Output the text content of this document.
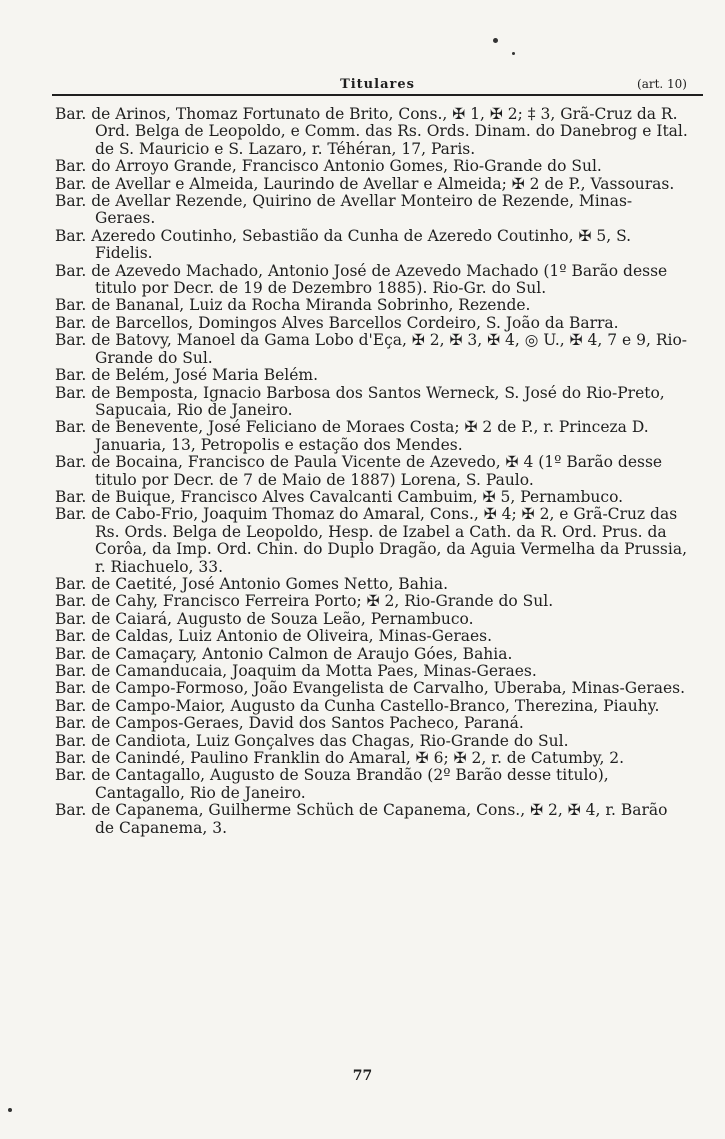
Titulares	(art. 10)

Bar. de Arinos, Thomaz Fortunato de Brito, Cons., ✠ 1, ✠ 2; ‡ 3, Grã-Cruz da R. Ord. Belga de Leopoldo, e Comm. das Rs. Ords. Dinam. do Danebrog e Ital. de S. Mauricio e S. Lazaro, r. Téhéran, 17, Paris.

Bar. do Arroyo Grande, Francisco Antonio Gomes, Rio-Grande do Sul.

Bar. de Avellar e Almeida, Laurindo de Avellar e Almeida; ✠ 2 de P., Vassouras.

Bar. de Avellar Rezende, Quirino de Avellar Monteiro de Rezende, Minas-Geraes.

Bar. Azeredo Coutinho, Sebastião da Cunha de Azeredo Coutinho, ✠ 5, S. Fidelis.

Bar. de Azevedo Machado, Antonio José de Azevedo Machado (1º Barão desse titulo por Decr. de 19 de Dezembro 1885). Rio-Gr. do Sul.

Bar. de Bananal, Luiz da Rocha Miranda Sobrinho, Rezende.

Bar. de Barcellos, Domingos Alves Barcellos Cordeiro, S. João da Barra.

Bar. de Batovy, Manoel da Gama Lobo d'Eça, ✠ 2, ✠ 3, ✠ 4, ◎ U., ✠ 4, 7 e 9, Rio-Grande do Sul.

Bar. de Belém, José Maria Belém.

Bar. de Bemposta, Ignacio Barbosa dos Santos Werneck, S. José do Rio-Preto, Sapucaia, Rio de Janeiro.

Bar. de Benevente, José Feliciano de Moraes Costa; ✠ 2 de P., r. Princeza D. Januaria, 13, Petropolis e estação dos Mendes.

Bar. de Bocaina, Francisco de Paula Vicente de Azevedo, ✠ 4 (1º Barão desse titulo por Decr. de 7 de Maio de 1887) Lorena, S. Paulo.

Bar. de Buique, Francisco Alves Cavalcanti Cambuim, ✠ 5, Pernambuco.

Bar. de Cabo-Frio, Joaquim Thomaz do Amaral, Cons., ✠ 4; ✠ 2, e Grã-Cruz das Rs. Ords. Belga de Leopoldo, Hesp. de Izabel a Cath. da R. Ord. Prus. da Corôa, da Imp. Ord. Chin. do Duplo Dragão, da Aguia Vermelha da Prussia, r. Riachuelo, 33.

Bar. de Caetité, José Antonio Gomes Netto, Bahia.

Bar. de Cahy, Francisco Ferreira Porto; ✠ 2, Rio-Grande do Sul.

Bar. de Caiará, Augusto de Souza Leão, Pernambuco.

Bar. de Caldas, Luiz Antonio de Oliveira, Minas-Geraes.

Bar. de Camaçary, Antonio Calmon de Araujo Góes, Bahia.

Bar. de Camanducaia, Joaquim da Motta Paes, Minas-Geraes.

Bar. de Campo-Formoso, João Evangelista de Carvalho, Uberaba, Minas-Geraes.

Bar. de Campo-Maior, Augusto da Cunha Castello-Branco, Therezina, Piauhy.

Bar. de Campos-Geraes, David dos Santos Pacheco, Paraná.

Bar. de Candiota, Luiz Gonçalves das Chagas, Rio-Grande do Sul.

Bar. de Canindé, Paulino Franklin do Amaral, ✠ 6; ✠ 2, r. de Catumby, 2.

Bar. de Cantagallo, Augusto de Souza Brandão (2º Barão desse titulo), Cantagallo, Rio de Janeiro.

Bar. de Capanema, Guilherme Schüch de Capanema, Cons., ✠ 2, ✠ 4, r. Barão de Capanema, 3.

77
